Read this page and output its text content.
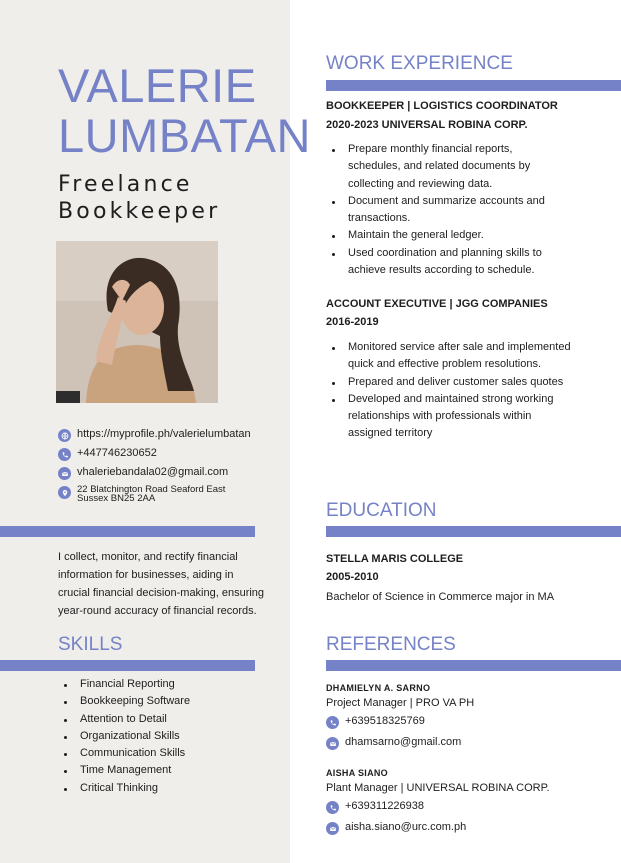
VALERIE
LUMBATAN
Freelance
Bookkeeper
https://myprofile.ph/valerielumbatan
+447746230652
vhaleriebandala02@gmail.com
22 Blatchington Road Seaford East Sussex BN25 2AA

I collect, monitor, and rectify financial information for businesses, aiding in crucial financial decision-making, ensuring year-round accuracy of financial records.

SKILLS
Financial Reporting
Bookkeeping Software
Attention to Detail
Organizational Skills
Communication Skills
Time Management
Critical Thinking
WORK EXPERIENCE
BOOKKEEPER | LOGISTICS COORDINATOR
2020-2023 UNIVERSAL ROBINA CORP.
Prepare monthly financial reports, schedules, and related documents by collecting and reviewing data.
Document and summarize accounts and transactions.
Maintain the general ledger.
Used coordination and planning skills to achieve results according to schedule.
ACCOUNT EXECUTIVE | JGG COMPANIES
2016-2019
Monitored service after sale and implemented quick and effective problem resolutions.
Prepared and deliver customer sales quotes
Developed and maintained strong working relationships with professionals within assigned territory
EDUCATION
STELLA MARIS COLLEGE
2005-2010
Bachelor of Science in Commerce major in MA
REFERENCES
DHAMIELYN A. SARNO
Project Manager | PRO VA PH
+639518325769
dhamsarno@gmail.com
AISHA SIANO
Plant Manager | UNIVERSAL ROBINA CORP.
+639311226938
aisha.siano@urc.com.ph
